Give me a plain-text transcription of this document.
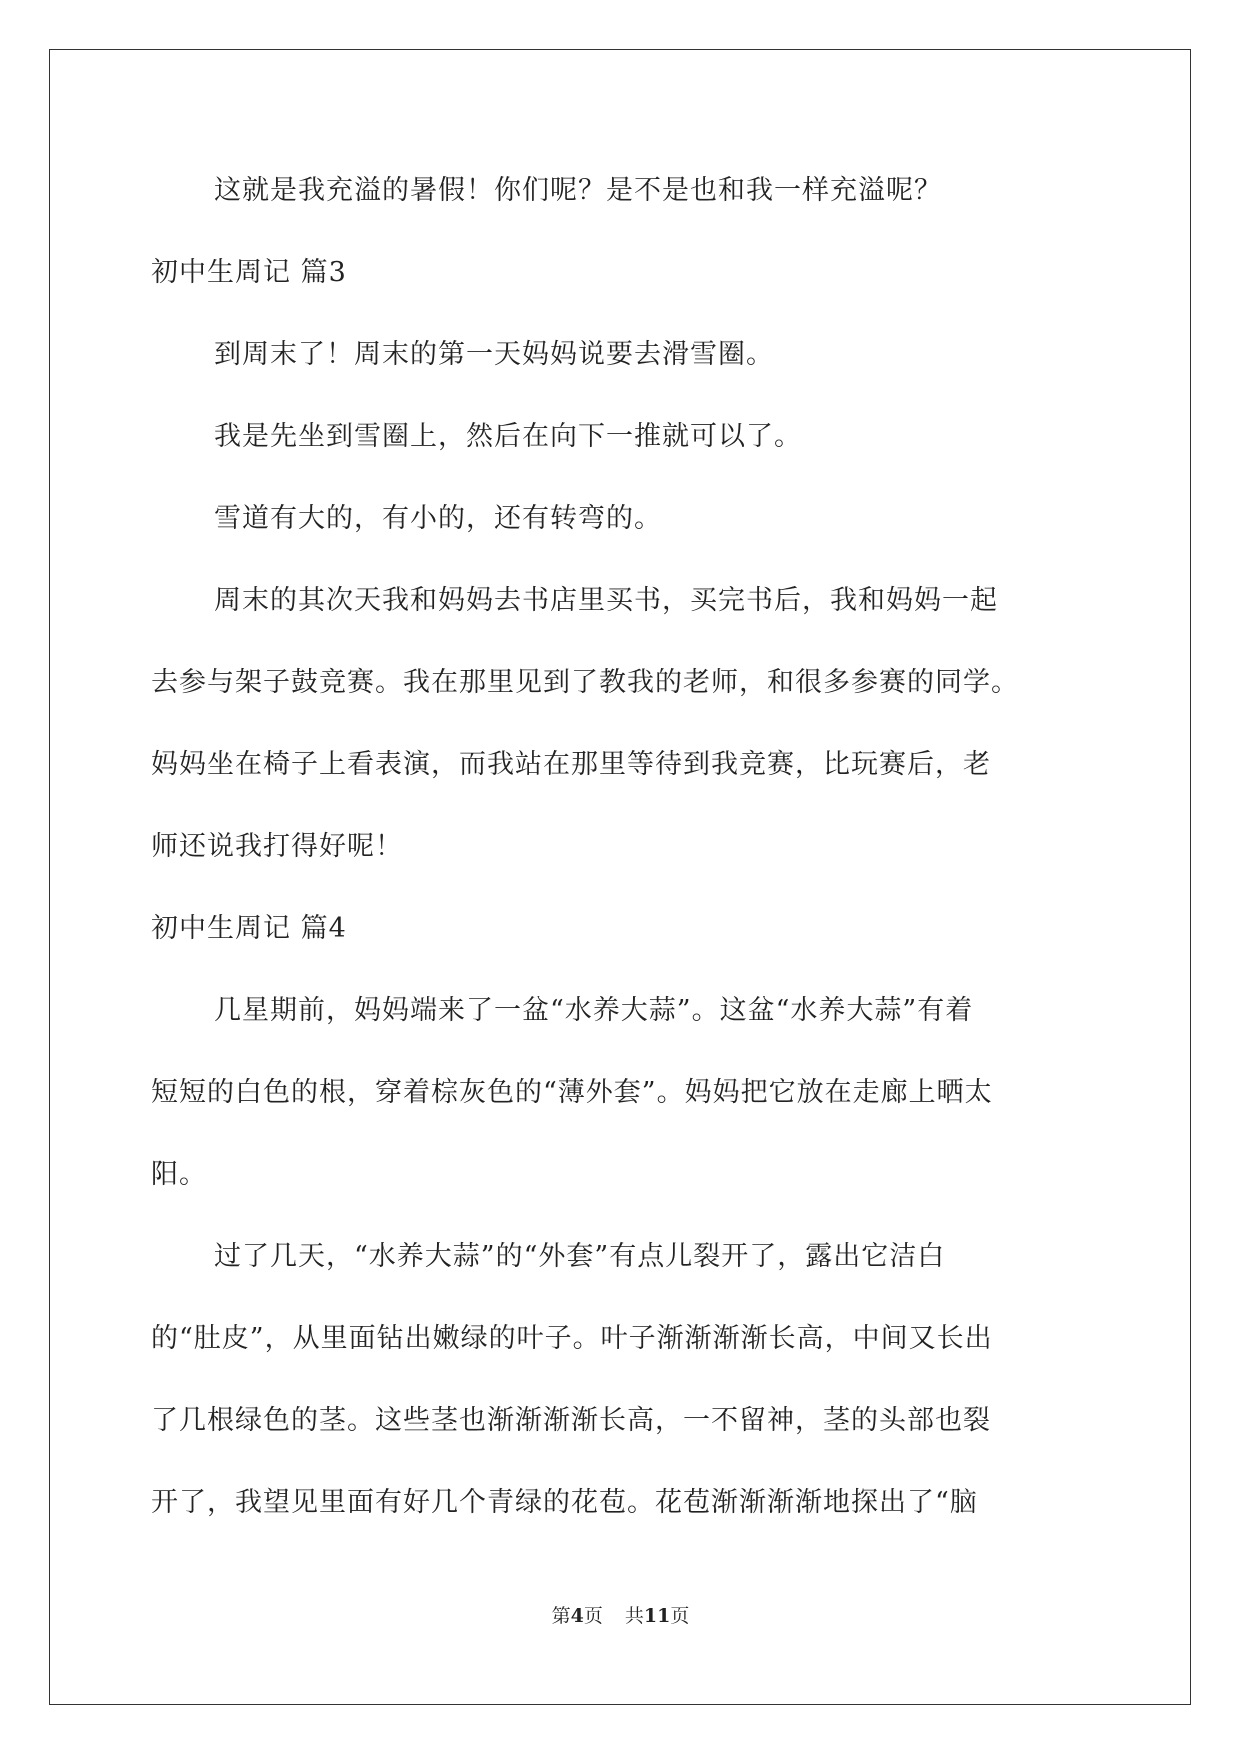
这就是我充溢的暑假！你们呢？是不是也和我一样充溢呢？
初中生周记 篇3
到周末了！周末的第一天妈妈说要去滑雪圈。
我是先坐到雪圈上，然后在向下一推就可以了。
雪道有大的，有小的，还有转弯的。
周末的其次天我和妈妈去书店里买书，买完书后，我和妈妈一起
去参与架子鼓竞赛。我在那里见到了教我的老师，和很多参赛的同学。
妈妈坐在椅子上看表演，而我站在那里等待到我竞赛，比玩赛后，老
师还说我打得好呢！
初中生周记 篇4
几星期前，妈妈端来了一盆“水养大蒜”。这盆“水养大蒜”有着
短短的白色的根，穿着棕灰色的“薄外套”。妈妈把它放在走廊上晒太
阳。
过了几天，“水养大蒜”的“外套”有点儿裂开了，露出它洁白
的“肚皮”，从里面钻出嫩绿的叶子。叶子渐渐渐渐长高，中间又长出
了几根绿色的茎。这些茎也渐渐渐渐长高，一不留神，茎的头部也裂
开了，我望见里面有好几个青绿的花苞。花苞渐渐渐渐地探出了“脑
第4页 共11页
